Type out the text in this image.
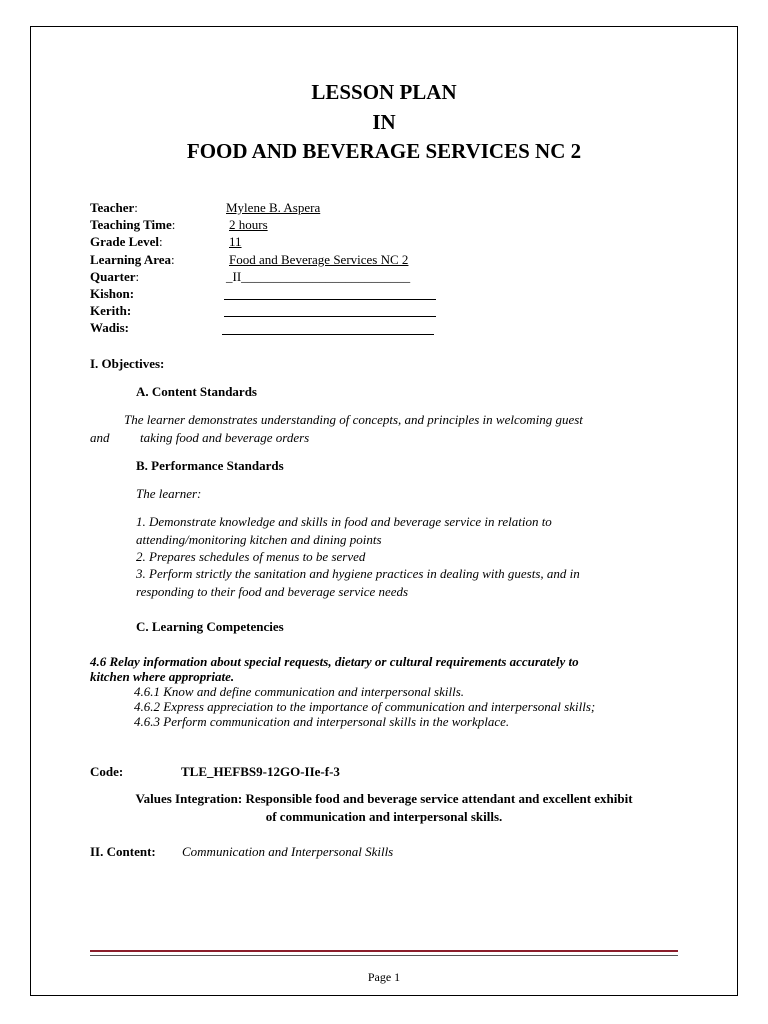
LESSON PLAN
IN
FOOD AND BEVERAGE SERVICES NC 2
Teacher:	Mylene B. Aspera
Teaching Time:	2 hours
Grade Level:	11
Learning Area:	Food and Beverage Services NC 2
Quarter:	_II__________________________
Kishon:
Kerith:
Wadis:
I. Objectives:
A. Content Standards
The learner demonstrates understanding of concepts, and principles in welcoming guest
and taking food and beverage orders
B. Performance Standards
The learner:
1. Demonstrate knowledge and skills in food and beverage service in relation to
attending/monitoring kitchen and dining points
2. Prepares schedules of menus to be served
3. Perform strictly the sanitation and hygiene practices in dealing with guests, and in
responding to their food and beverage service needs
C. Learning Competencies
4.6 Relay information about special requests, dietary or cultural requirements accurately to
kitchen where appropriate.
4.6.1 Know and define communication and interpersonal skills.
4.6.2 Express appreciation to the importance of communication and interpersonal skills;
4.6.3 Perform communication and interpersonal skills in the workplace.
Code:	TLE_HEFBS9-12GO-IIe-f-3
Values Integration: Responsible food and beverage service attendant and excellent exhibit
of communication and interpersonal skills.
II. Content: Communication and Interpersonal Skills
Page 1
